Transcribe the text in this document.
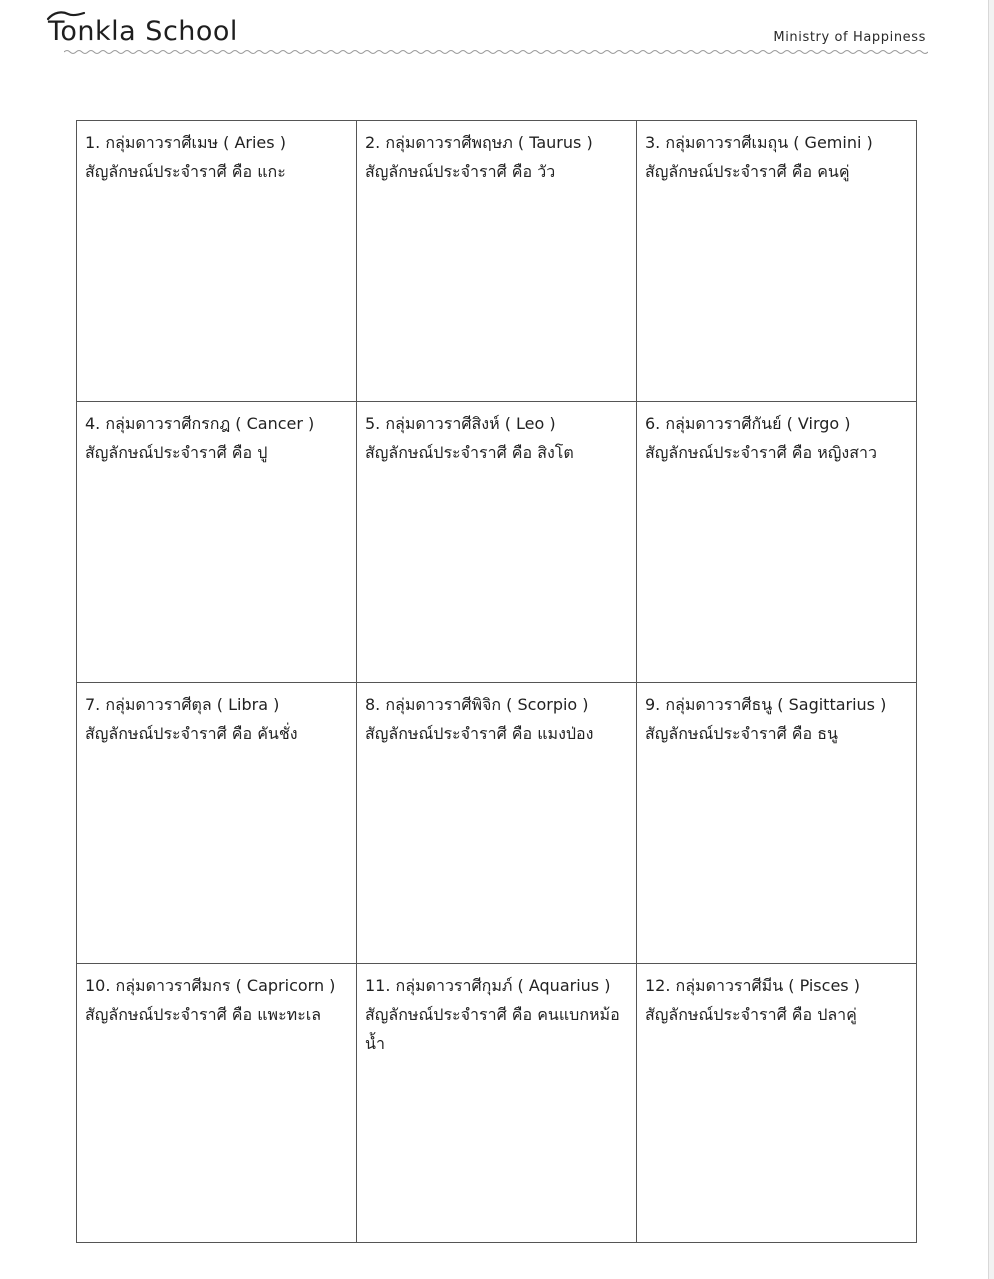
Tonkla School	Ministry of Happiness
1. กลุ่มดาวราศีเมษ ( Aries )
สัญลักษณ์ประจำราศี คือ แกะ
2. กลุ่มดาวราศีพฤษภ ( Taurus )
สัญลักษณ์ประจำราศี คือ วัว
3. กลุ่มดาวราศีเมถุน ( Gemini )
สัญลักษณ์ประจำราศี คือ คนคู่
4. กลุ่มดาวราศีกรกฎ ( Cancer )
สัญลักษณ์ประจำราศี คือ ปู
5. กลุ่มดาวราศีสิงห์ ( Leo )
สัญลักษณ์ประจำราศี คือ สิงโต
6. กลุ่มดาวราศีกันย์ ( Virgo )
สัญลักษณ์ประจำราศี คือ หญิงสาว
7. กลุ่มดาวราศีตุล ( Libra )
สัญลักษณ์ประจำราศี คือ คันชั่ง
8. กลุ่มดาวราศีพิจิก ( Scorpio )
สัญลักษณ์ประจำราศี คือ แมงป่อง
9. กลุ่มดาวราศีธนู ( Sagittarius )
สัญลักษณ์ประจำราศี คือ ธนู
10. กลุ่มดาวราศีมกร ( Capricorn )
สัญลักษณ์ประจำราศี คือ แพะทะเล
11. กลุ่มดาวราศีกุมภ์ ( Aquarius )
สัญลักษณ์ประจำราศี คือ คนแบกหม้อน้ำ
12. กลุ่มดาวราศีมีน ( Pisces )
สัญลักษณ์ประจำราศี คือ ปลาคู่
